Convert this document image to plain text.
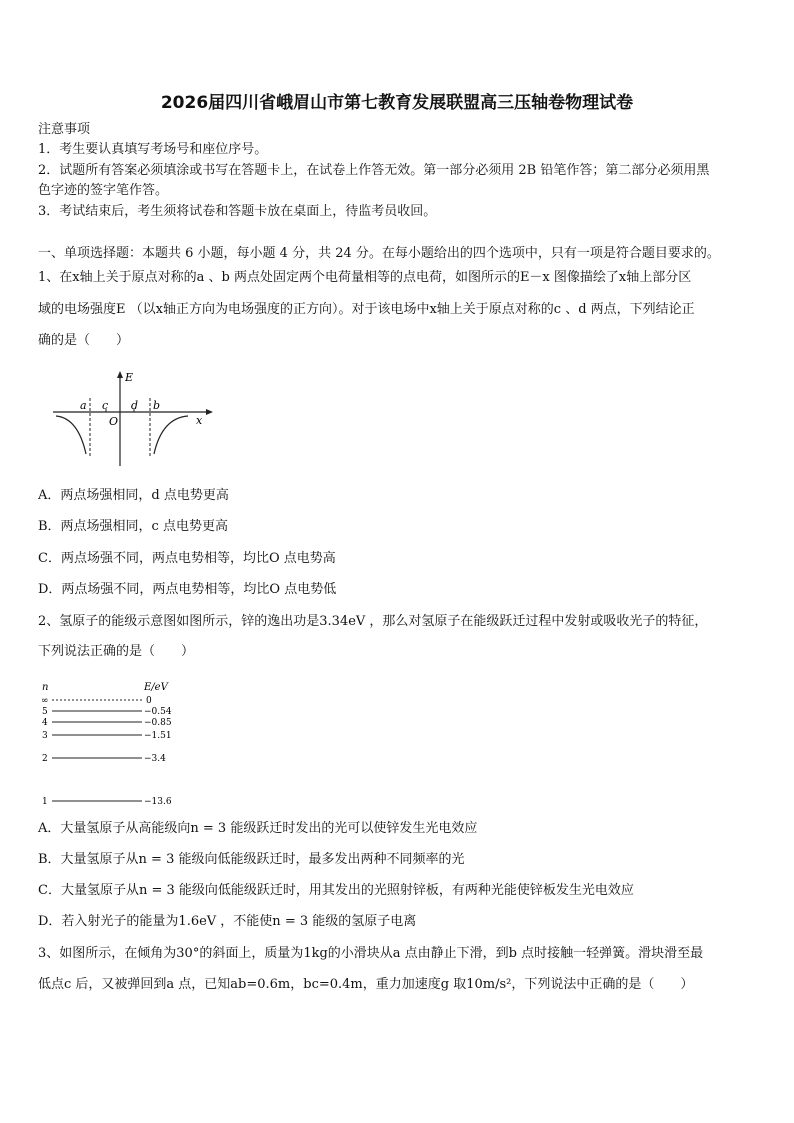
2026届四川省峨眉山市第七教育发展联盟高三压轴卷物理试卷
注意事项
1．考生要认真填写考场号和座位序号。
2．试题所有答案必须填涂或书写在答题卡上，在试卷上作答无效。第一部分必须用 2B 铅笔作答；第二部分必须用黑
色字迹的签字笔作答。
3．考试结束后，考生须将试卷和答题卡放在桌面上，待监考员收回。
一、单项选择题：本题共 6 小题，每小题 4 分，共 24 分。在每小题给出的四个选项中，只有一项是符合题目要求的。
1、在x轴上关于原点对称的a 、b 两点处固定两个电荷量相等的点电荷，如图所示的E－x 图像描绘了x轴上部分区
域的电场强度E （以x轴正方向为电场强度的正方向）。对于该电场中x轴上关于原点对称的c 、d 两点，下列结论正
确的是（　　）
E
x
a c d b
O
A．两点场强相同，d 点电势更高
B．两点场强相同，c 点电势更高
C．两点场强不同，两点电势相等，均比O 点电势高
D．两点场强不同，两点电势相等，均比O 点电势低
2、氢原子的能级示意图如图所示，锌的逸出功是3.34eV ，那么对氢原子在能级跃迁过程中发射或吸收光子的特征，
下列说法正确的是（　　）
n	E/eV
∞	0
5	−0.54
4	−0.85
3	−1.51
2	−3.4
1	−13.6
A．大量氢原子从高能级向n = 3 能级跃迁时发出的光可以使锌发生光电效应
B．大量氢原子从n = 3 能级向低能级跃迁时，最多发出两种不同频率的光
C．大量氢原子从n = 3 能级向低能级跃迁时，用其发出的光照射锌板，有两种光能使锌板发生光电效应
D．若入射光子的能量为1.6eV ，不能使n = 3 能级的氢原子电离
3、如图所示，在倾角为30°的斜面上，质量为1kg的小滑块从a 点由静止下滑，到b 点时接触一轻弹簧。滑块滑至最
低点c 后，又被弹回到a 点，已知ab=0.6m，bc=0.4m，重力加速度g 取10m/s²，下列说法中正确的是（　　）
